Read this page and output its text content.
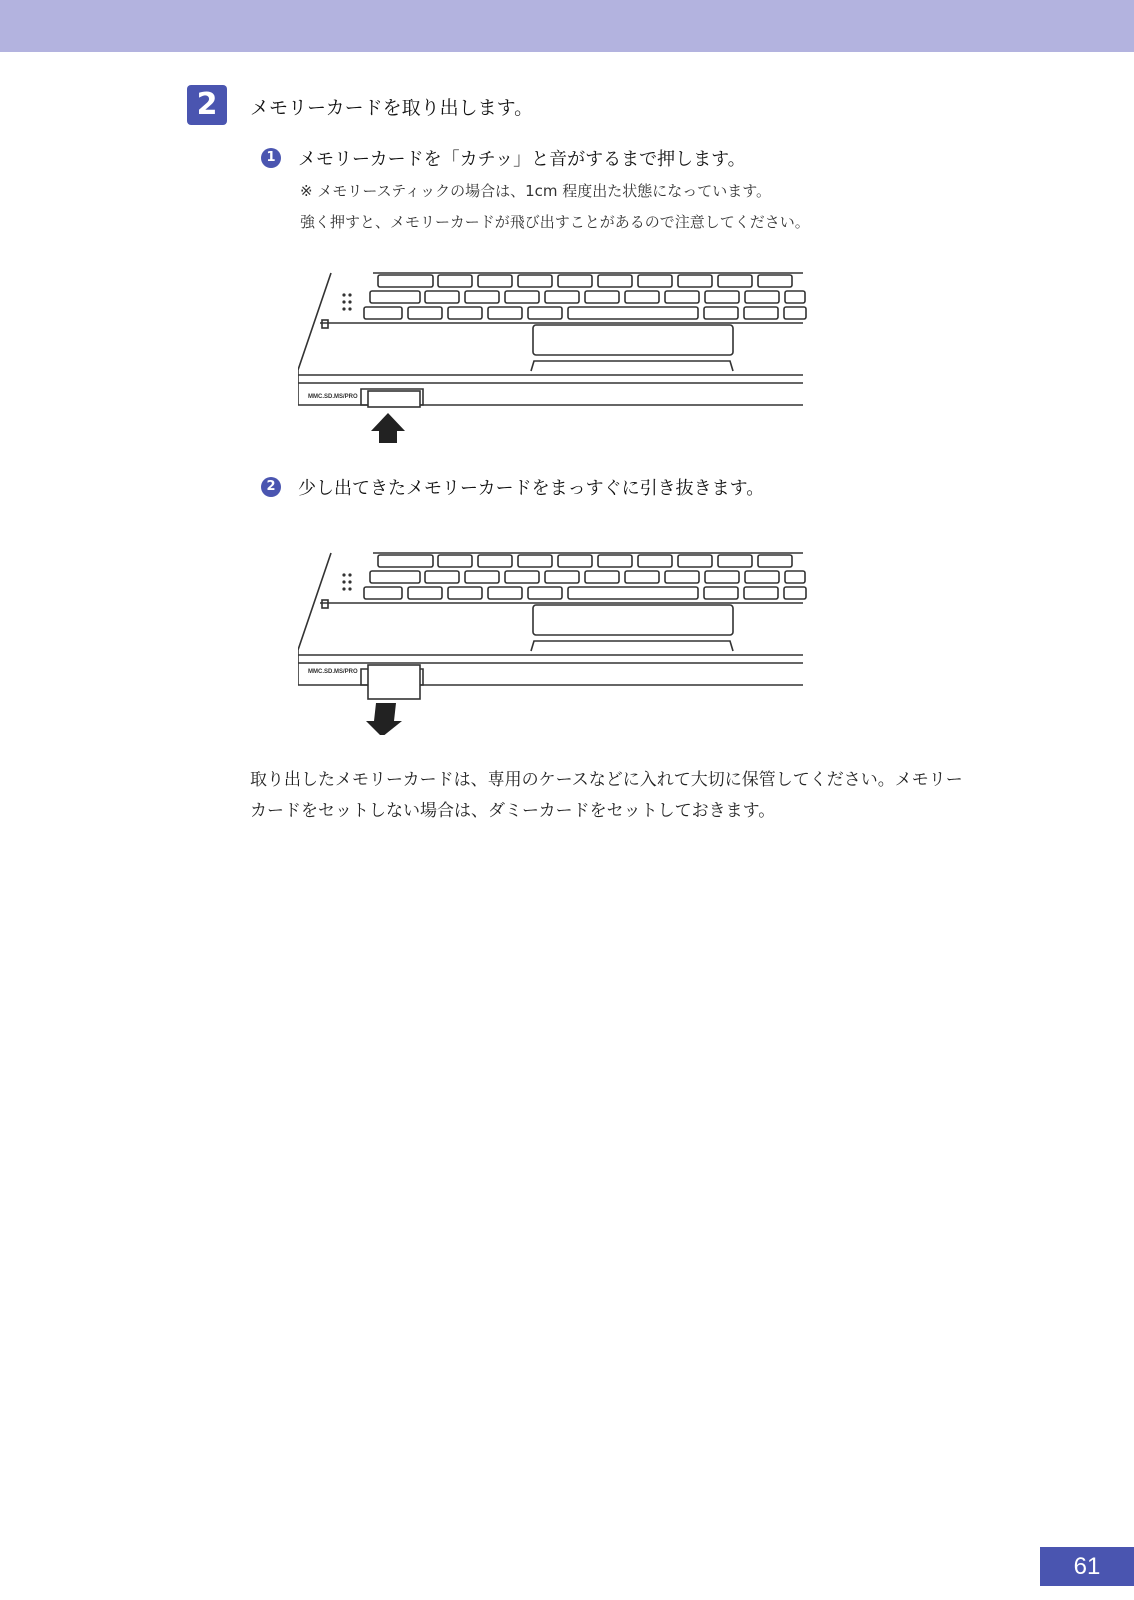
2	メモリーカードを取り出します。
1	メモリーカードを「カチッ」と音がするまで押します。
※ メモリースティックの場合は、1cm 程度出た状態になっています。
強く押すと、メモリーカードが飛び出すことがあるので注意してください。
MMC.SD.MS/PRO
2	少し出てきたメモリーカードをまっすぐに引き抜きます。
MMC.SD.MS/PRO
取り出したメモリーカードは、専用のケースなどに入れて大切に保管してください。メモリー
カードをセットしない場合は、ダミーカードをセットしておきます。
61
